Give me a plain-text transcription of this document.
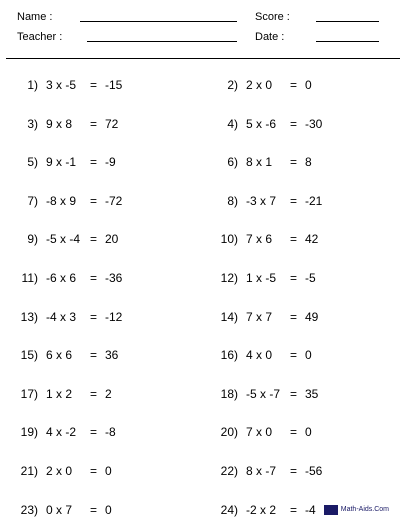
Name :	Score :
Teacher :	Date :
1 ) 3 x -5 = -15	2 ) 2 x 0 = 0
3 ) 9 x 8 = 72	4 ) 5 x -6 = -30
5 ) 9 x -1 = -9	6 ) 8 x 1 = 8
7 ) -8 x 9 = -72	8 ) -3 x 7 = -21
9 ) -5 x -4 = 20	10 ) 7 x 6 = 42
11 ) -6 x 6 = -36	12 ) 1 x -5 = -5
13 ) -4 x 3 = -12	14 ) 7 x 7 = 49
15 ) 6 x 6 = 36	16 ) 4 x 0 = 0
17 ) 1 x 2 = 2	18 ) -5 x -7 = 35
19 ) 4 x -2 = -8	20 ) 7 x 0 = 0
21 ) 2 x 0 = 0	22 ) 8 x -7 = -56
23 ) 0 x 7 = 0	24 ) -2 x 2 = -4	Math-Aids.Com
